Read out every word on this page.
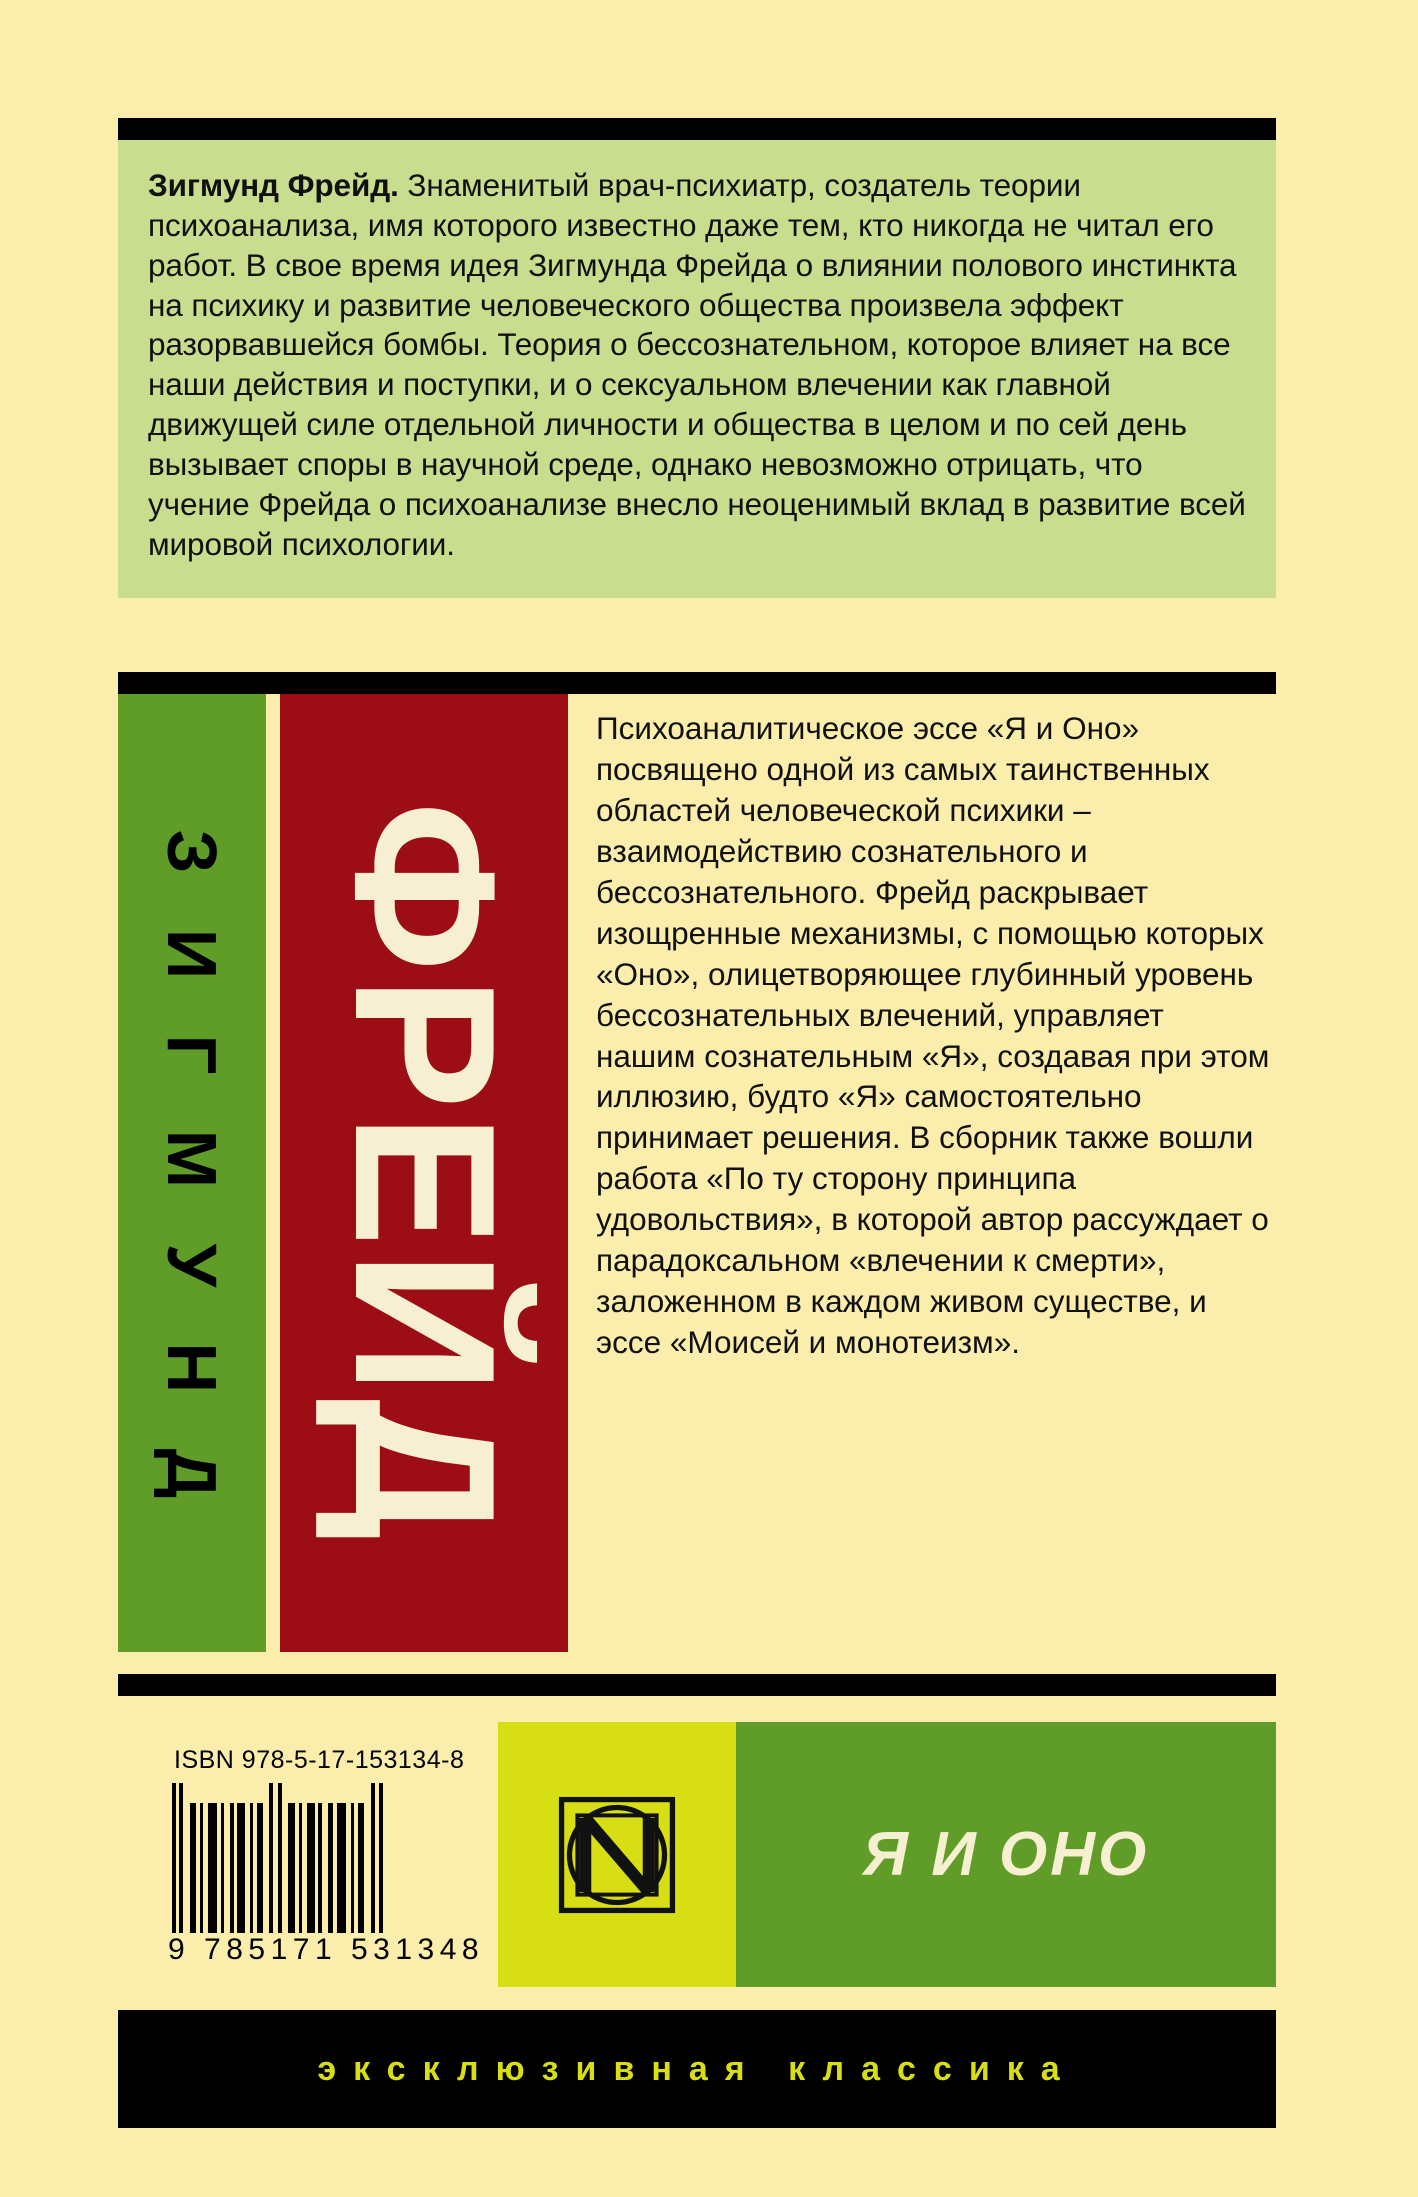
Зигмунд Фрейд. Знаменитый врач-психиатр, создатель теории психоанализа, имя которого известно даже тем, кто никогда не читал его работ. В свое время идея Зигмунда Фрейда о влиянии полового инстинкта на психику и развитие человеческого общества произвела эффект разорвавшейся бомбы. Теория о бессознательном, которое влияет на все наши действия и поступки, и о сексуальном влечении как главной движущей силе отдельной личности и общества в целом и по сей день вызывает споры в научной среде, однако невозможно отрицать, что учение Фрейда о психоанализе внесло неоценимый вклад в развитие всей мировой психологии.

З И Г М У Н Д ФРЕЙД

Психоаналитическое эссе «Я и Оно» посвящено одной из самых таинственных областей человеческой психики – взаимодействию сознательного и бессознательного. Фрейд раскрывает изощренные механизмы, с помощью которых «Оно», олицетворяющее глубинный уровень бессознательных влечений, управляет нашим сознательным «Я», создавая при этом иллюзию, будто «Я» самостоятельно принимает решения. В сборник также вошли работа «По ту сторону принципа удовольствия», в которой автор рассуждает о парадоксальном «влечении к смерти», заложенном в каждом живом существе, и эссе «Моисей и монотеизм».

ISBN 978-5-17-153134-8
9 785171 531348
Я И ОНО
эксклюзивная классика
